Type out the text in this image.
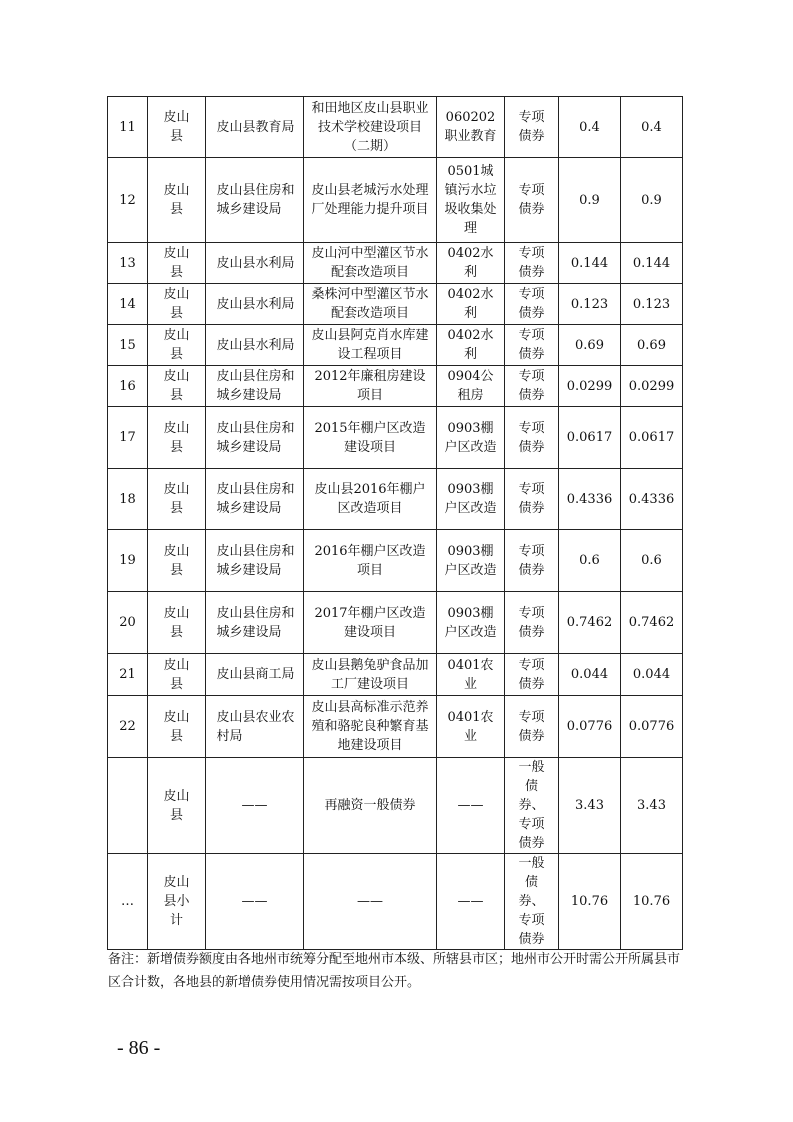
11	皮山县	皮山县教育局	和田地区皮山县职业技术学校建设项目（二期）	060202职业教育	专项债券	0.4	0.4
12	皮山县	皮山县住房和城乡建设局	皮山县老城污水处理厂处理能力提升项目	0501城镇污水垃圾收集处理	专项债券	0.9	0.9
13	皮山县	皮山县水利局	皮山河中型灌区节水配套改造项目	0402水利	专项债券	0.144	0.144
14	皮山县	皮山县水利局	桑株河中型灌区节水配套改造项目	0402水利	专项债券	0.123	0.123
15	皮山县	皮山县水利局	皮山县阿克肖水库建设工程项目	0402水利	专项债券	0.69	0.69
16	皮山县	皮山县住房和城乡建设局	2012年廉租房建设项目	0904公租房	专项债券	0.0299	0.0299
17	皮山县	皮山县住房和城乡建设局	2015年棚户区改造建设项目	0903棚户区改造	专项债券	0.0617	0.0617
18	皮山县	皮山县住房和城乡建设局	皮山县2016年棚户区改造项目	0903棚户区改造	专项债券	0.4336	0.4336
19	皮山县	皮山县住房和城乡建设局	2016年棚户区改造项目	0903棚户区改造	专项债券	0.6	0.6
20	皮山县	皮山县住房和城乡建设局	2017年棚户区改造建设项目	0903棚户区改造	专项债券	0.7462	0.7462
21	皮山县	皮山县商工局	皮山县鹅兔驴食品加工厂建设项目	0401农业	专项债券	0.044	0.044
22	皮山县	皮山县农业农村局	皮山县高标准示范养殖和骆驼良种繁育基地建设项目	0401农业	专项债券	0.0776	0.0776

	皮山县	——	再融资一般债券	——	一般债券、专项债券	3.43	3.43
…	皮山县小计	——	——	——	一般债券、专项债券	10.76	10.76
备注：新增债券额度由各地州市统筹分配至地州市本级、所辖县市区；地州市公开时需公开所属县市区合计数，各地县的新增债券使用情况需按项目公开。
- 86 -
